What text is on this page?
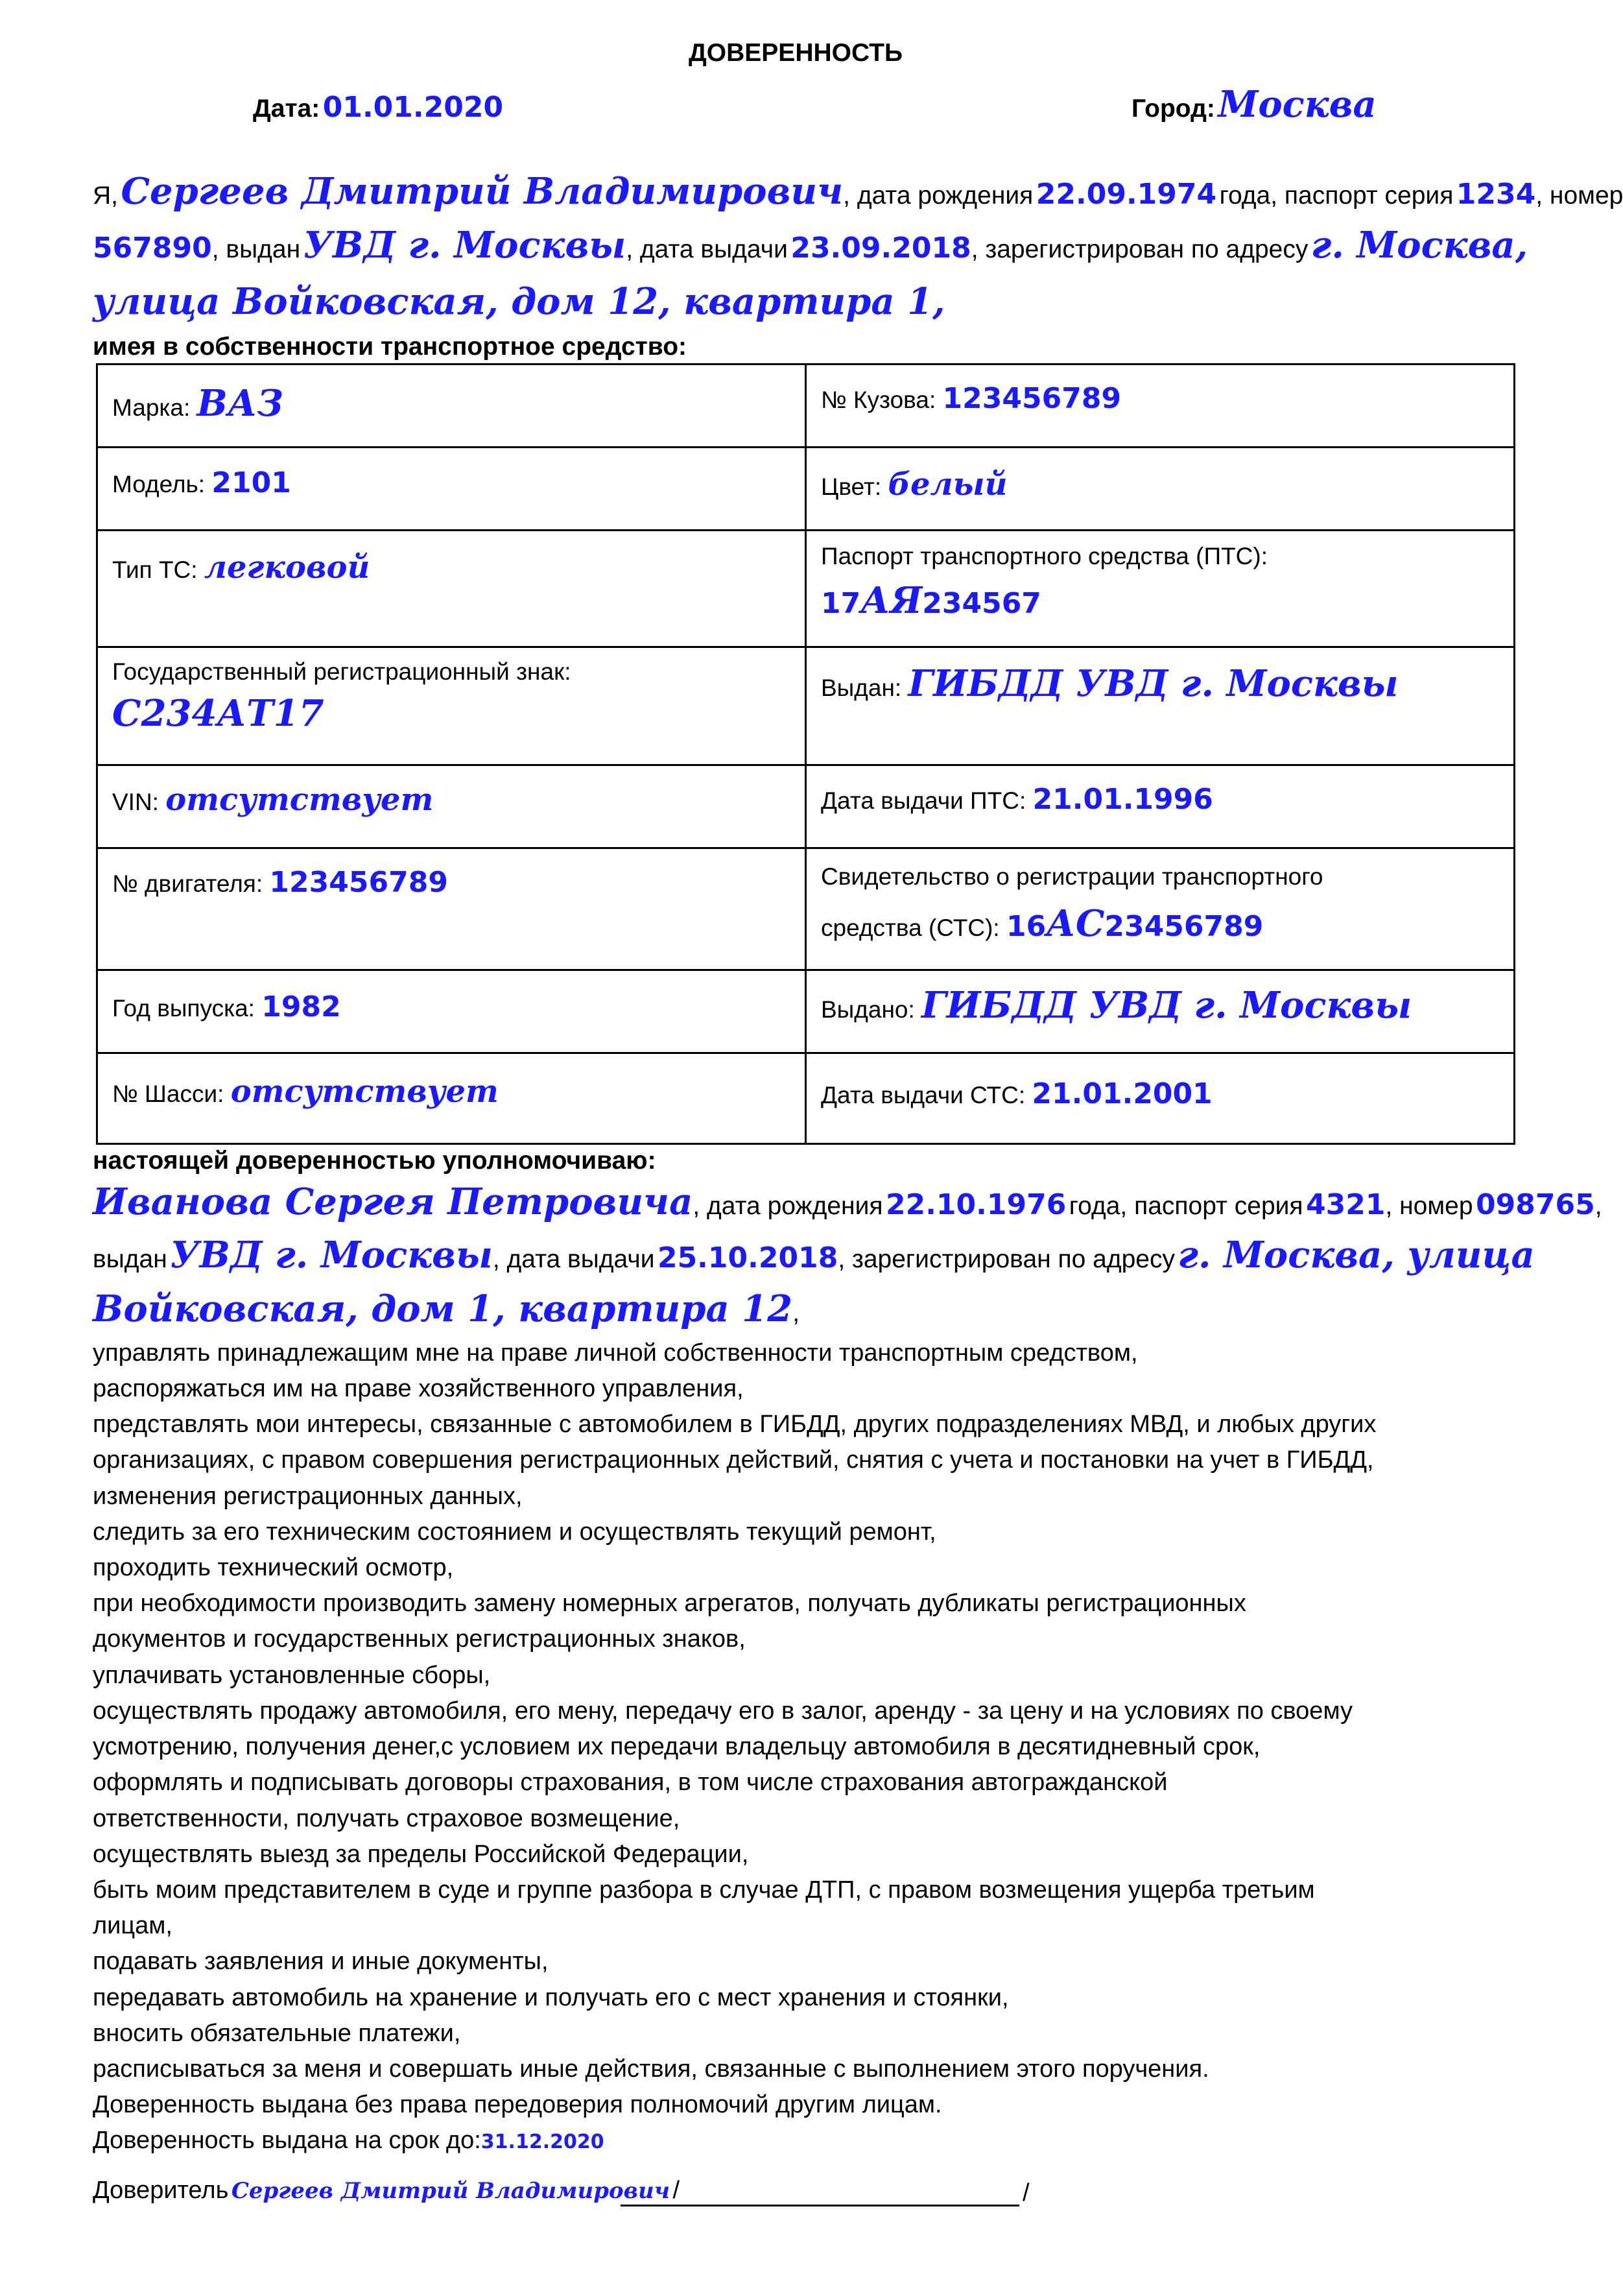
ДОВЕРЕННОСТЬ
Дата: 01.01.2020	Город: Москва
Я, Сергеев Дмитрий Владимирович, дата рождения 22.09.1974 года, паспорт серия 1234, номер
567890, выдан УВД г. Москвы, дата выдачи 23.09.2018, зарегистрирован по адресу г. Москва,
улица Войковская, дом 12, квартира 1,
имея в собственности транспортное средство:
Марка: ВАЗ	№ Кузова: 123456789

Модель: 2101	Цвет: белый

Тип ТС: легковой	Паспорт транспортного средства (ПТС):
17АЯ234567

Государственный регистрационный знак:
С234АТ17	Выдан: ГИБДД УВД г. Москвы

VIN: отсутствует	Дата выдачи ПТС: 21.01.1996

№ двигателя: 123456789	Свидетельство о регистрации транспортного
средства (СТС): 16АС23456789

Год выпуска: 1982	Выдано: ГИБДД УВД г. Москвы

№ Шасси: отсутствует	Дата выдачи СТС: 21.01.2001
настоящей доверенностью уполномочиваю:
Иванова Сергея Петровича, дата рождения 22.10.1976 года, паспорт серия 4321, номер 098765,
выдан УВД г. Москвы, дата выдачи 25.10.2018, зарегистрирован по адресу г. Москва, улица
Войковская, дом 1, квартира 12,
управлять принадлежащим мне на праве личной собственности транспортным средством,
распоряжаться им на праве хозяйственного управления,
представлять мои интересы, связанные с автомобилем в ГИБДД, других подразделениях МВД, и любых других
организациях, с правом совершения регистрационных действий, снятия с учета и постановки на учет в ГИБДД,
изменения регистрационных данных,
следить за его техническим состоянием и осуществлять текущий ремонт,
проходить технический осмотр,
при необходимости производить замену номерных агрегатов, получать дубликаты регистрационных
документов и государственных регистрационных знаков,
уплачивать установленные сборы,
осуществлять продажу автомобиля, его мену, передачу его в залог, аренду - за цену и на условиях по своему
усмотрению, получения денег,с условием их передачи владельцу автомобиля в десятидневный срок,
оформлять и подписывать договоры страхования, в том числе страхования автогражданской
ответственности, получать страховое возмещение,
осуществлять выезд за пределы Российской Федерации,
быть моим представителем в суде и группе разбора в случае ДТП, с правом возмещения ущерба третьим
лицам,
подавать заявления и иные документы,
передавать автомобиль на хранение и получать его с мест хранения и стоянки,
вносить обязательные платежи,
расписываться за меня и совершать иные действия, связанные с выполнением этого поручения.
Доверенность выдана без права передоверия полномочий другим лицам.
Доверенность выдана на срок до:31.12.2020
Доверитель Сергеев Дмитрий Владимирович /	/
